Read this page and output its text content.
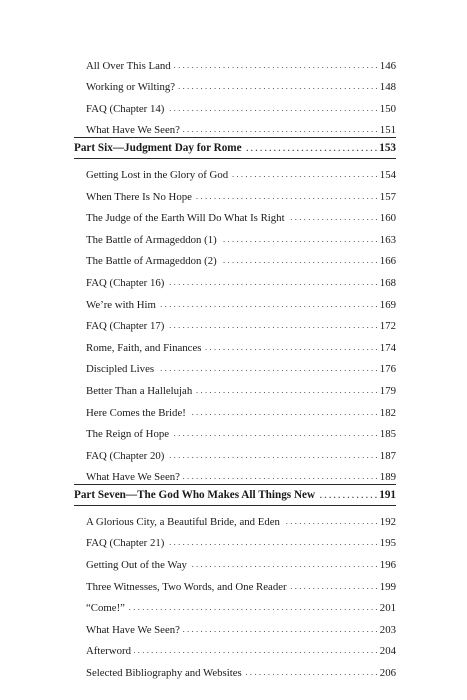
All Over This Land . . .	146
Working or Wilting? . . .	148
FAQ (Chapter 14) . . .	150
What Have We Seen? . . .	151
Part Six—Judgment Day for Rome . . .	153
Getting Lost in the Glory of God . . .	154
When There Is No Hope . . .	157
The Judge of the Earth Will Do What Is Right . . .	160
The Battle of Armageddon (1) . . .	163
The Battle of Armageddon (2) . . .	166
FAQ (Chapter 16) . . .	168
We’re with Him . . .	169
FAQ (Chapter 17) . . .	172
Rome, Faith, and Finances . . .	174
Discipled Lives . . .	176
Better Than a Hallelujah . . .	179
Here Comes the Bride! . . .	182
The Reign of Hope . . .	185
FAQ (Chapter 20) . . .	187
What Have We Seen? . . .	189
Part Seven—The God Who Makes All Things New . . .	191
A Glorious City, a Beautiful Bride, and Eden . . .	192
FAQ (Chapter 21) . . .	195
Getting Out of the Way . . .	196
Three Witnesses, Two Words, and One Reader . . .	199
“Come!” . . .	201
What Have We Seen? . . .	203
Afterword . . .	204
Selected Bibliography and Websites . . .	206
